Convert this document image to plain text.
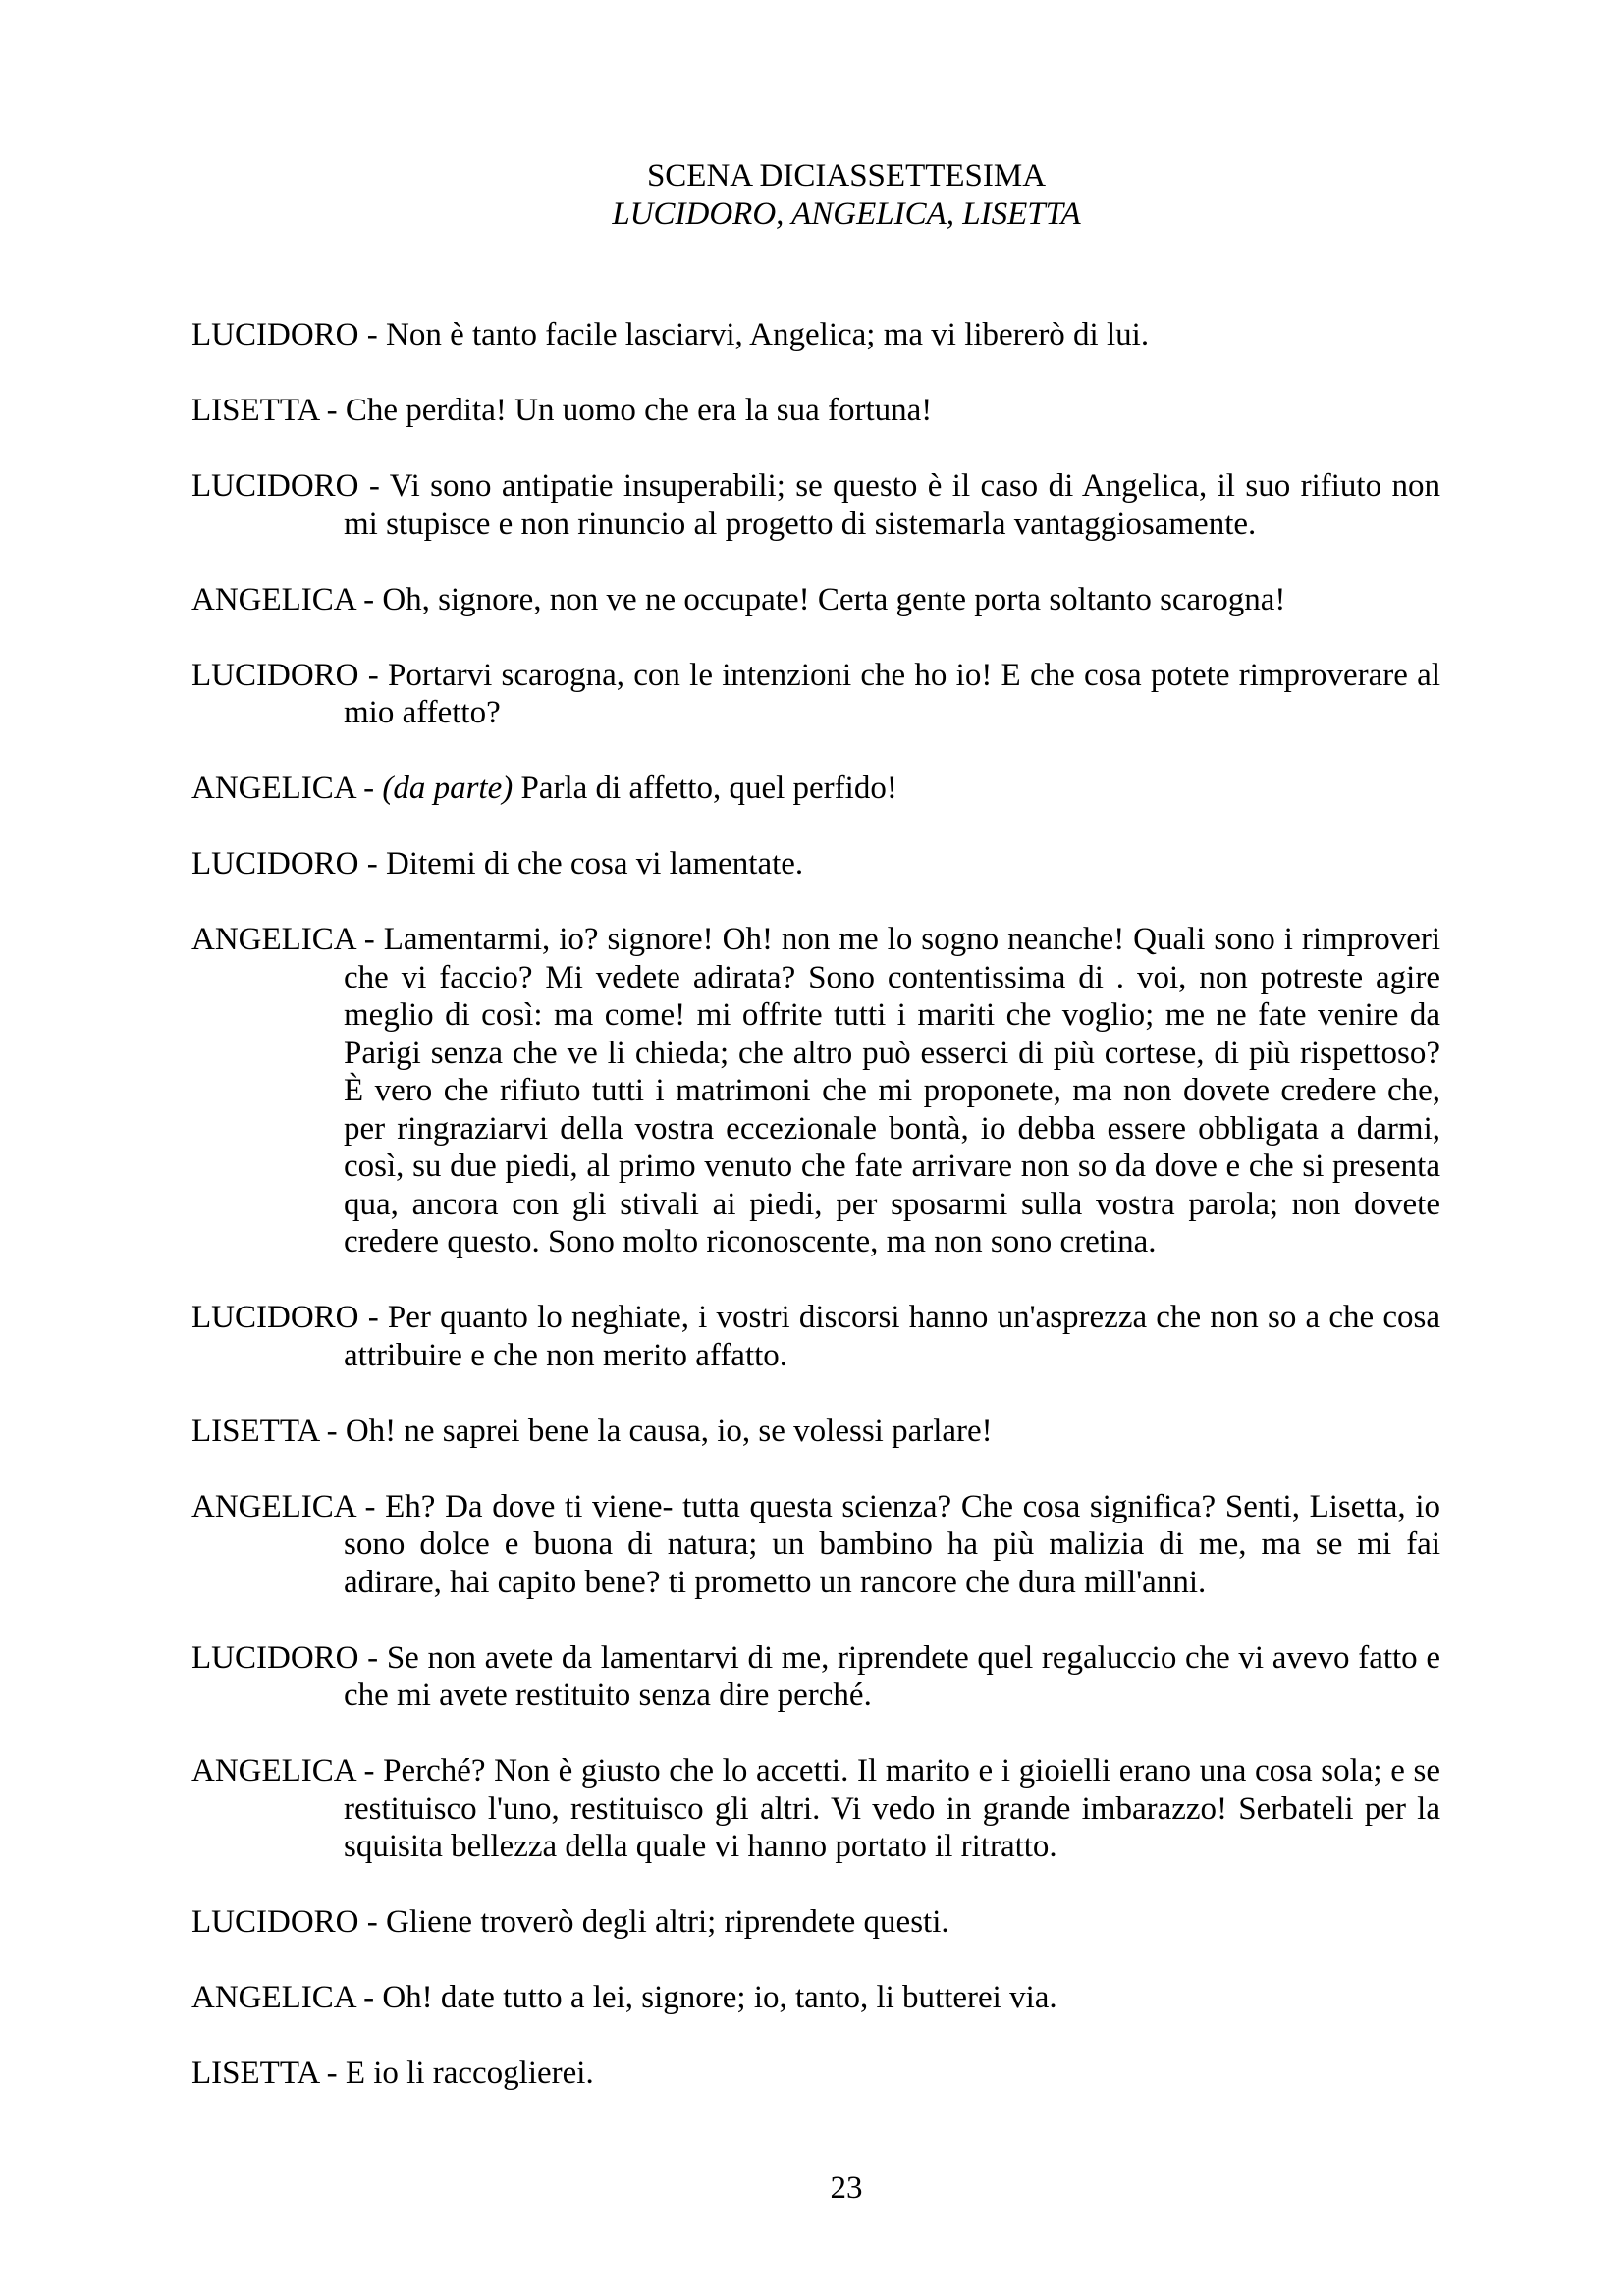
SCENA DICIASSETTESIMA
LUCIDORO, ANGELICA, LISETTA

LUCIDORO - Non è tanto facile lasciarvi, Angelica; ma vi libererò di lui.

LISETTA - Che perdita! Un uomo che era la sua fortuna!

LUCIDORO - Vi sono antipatie insuperabili; se questo è il caso di Angelica, il suo rifiuto non mi stupisce e non rinuncio al progetto di sistemarla vantaggiosamente.

ANGELICA - Oh, signore, non ve ne occupate! Certa gente porta soltanto scarogna!

LUCIDORO - Portarvi scarogna, con le intenzioni che ho io! E che cosa potete rimproverare al mio affetto?

ANGELICA - (da parte) Parla di affetto, quel perfido!

LUCIDORO - Ditemi di che cosa vi lamentate.

ANGELICA - Lamentarmi, io? signore! Oh! non me lo sogno neanche! Quali sono i rimproveri che vi faccio? Mi vedete adirata? Sono contentissima di . voi, non potreste agire meglio di così: ma come! mi offrite tutti i mariti che voglio; me ne fate venire da Parigi senza che ve li chieda; che altro può esserci di più cortese, di più rispettoso? È vero che rifiuto tutti i matrimoni che mi proponete, ma non dovete credere che, per ringraziarvi della vostra eccezionale bontà, io debba essere obbligata a darmi, così, su due piedi, al primo venuto che fate arrivare non so da dove e che si presenta qua, ancora con gli stivali ai piedi, per sposarmi sulla vostra parola; non dovete credere questo. Sono molto riconoscente, ma non sono cretina.

LUCIDORO - Per quanto lo neghiate, i vostri discorsi hanno un'asprezza che non so a che cosa attribuire e che non merito affatto.

LISETTA - Oh! ne saprei bene la causa, io, se volessi parlare!

ANGELICA - Eh? Da dove ti viene- tutta questa scienza? Che cosa significa? Senti, Lisetta, io sono dolce e buona di natura; un bambino ha più malizia di me, ma se mi fai adirare, hai capito bene? ti prometto un rancore che dura mill'anni.

LUCIDORO - Se non avete da lamentarvi di me, riprendete quel regaluccio che vi avevo fatto e che mi avete restituito senza dire perché.

ANGELICA - Perché? Non è giusto che lo accetti. Il marito e i gioielli erano una cosa sola; e se restituisco l'uno, restituisco gli altri. Vi vedo in grande imbarazzo! Serbateli per la squisita bellezza della quale vi hanno portato il ritratto.

LUCIDORO - Gliene troverò degli altri; riprendete questi.

ANGELICA - Oh! date tutto a lei, signore; io, tanto, li butterei via.

LISETTA - E io li raccoglierei.

23
